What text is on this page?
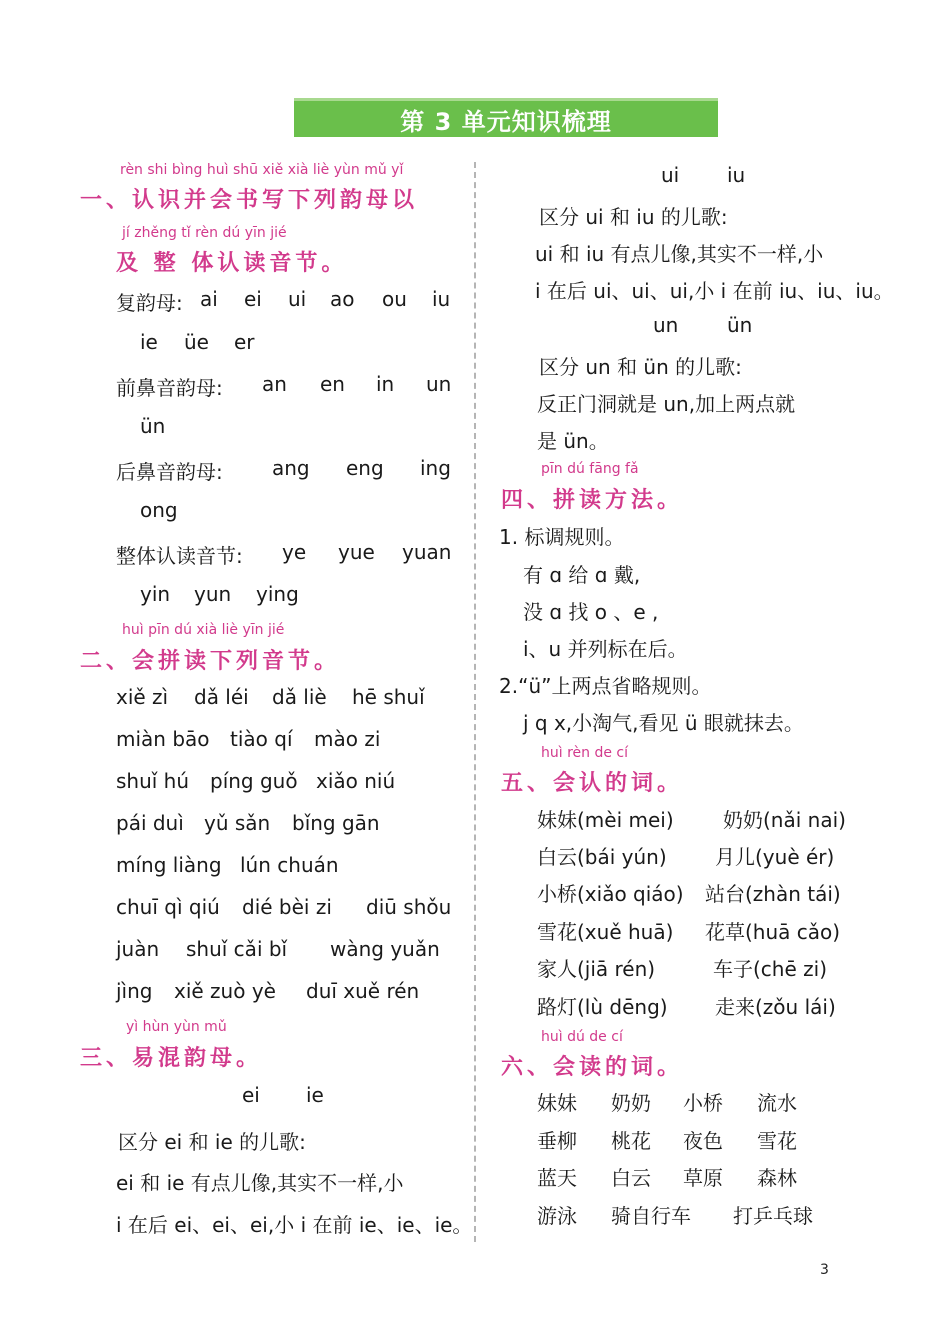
第 3 单元知识梳理
rèn shi bìng huì shū xiě xià liè yùn mǔ yǐ
一、认识并会书写下列韵母以
jí zhěng tǐ rèn dú yīn jié
及 整 体认读音节。
复韵母: ai ei ui ao ou iu
ie üe er
前鼻音韵母: an en in un
ün
后鼻音韵母: ang eng ing
ong
整体认读音节: ye yue yuan
yin yun ying
huì pīn dú xià liè yīn jié
二、会拼读下列音节。
xiě zì dǎ léi dǎ liè hē shuǐ
miàn bāo tiào qí mào zi
shuǐ hú píng guǒ xiǎo niú
pái duì yǔ sǎn bǐng gān
míng liàng lún chuán
chuī qì qiú dié bèi zi diū shǒu
juàn shuǐ cǎi bǐ wàng yuǎn
jìng xiě zuò yè duī xuě rén
yì hùn yùn mǔ
三、易混韵母。
ei ie
区分 ei 和 ie 的儿歌:
ei 和 ie 有点儿像,其实不一样,小
i 在后 ei、ei、ei,小 i 在前 ie、ie、ie。
ui iu
区分 ui 和 iu 的儿歌:
ui 和 iu 有点儿像,其实不一样,小
i 在后 ui、ui、ui,小 i 在前 iu、iu、iu。
un ün
区分 un 和 ün 的儿歌:
反正门洞就是 un,加上两点就
是 ün。
pīn dú fāng fǎ
四、拼读方法。
1. 标调规则。
有 ɑ 给 ɑ 戴,
没 ɑ 找 o 、e ,
i、u 并列标在后。
2.“ü”上两点省略规则。
j q x,小淘气,看见 ü 眼就抹去。
huì rèn de cí
五、会认的词。
妹妹(mèi mei) 奶奶(nǎi nai)
白云(bái yún) 月儿(yuè ér)
小桥(xiǎo qiáo) 站台(zhàn tái)
雪花(xuě huā) 花草(huā cǎo)
家人(jiā rén)	车子(chē zi)
路灯(lù dēng) 走来(zǒu lái)
huì dú de cí
六、会读的词。
妹妹 奶奶 小桥 流水
垂柳 桃花 夜色 雪花
蓝天 白云 草原 森林
游泳 骑自行车 打乒乓球
3
